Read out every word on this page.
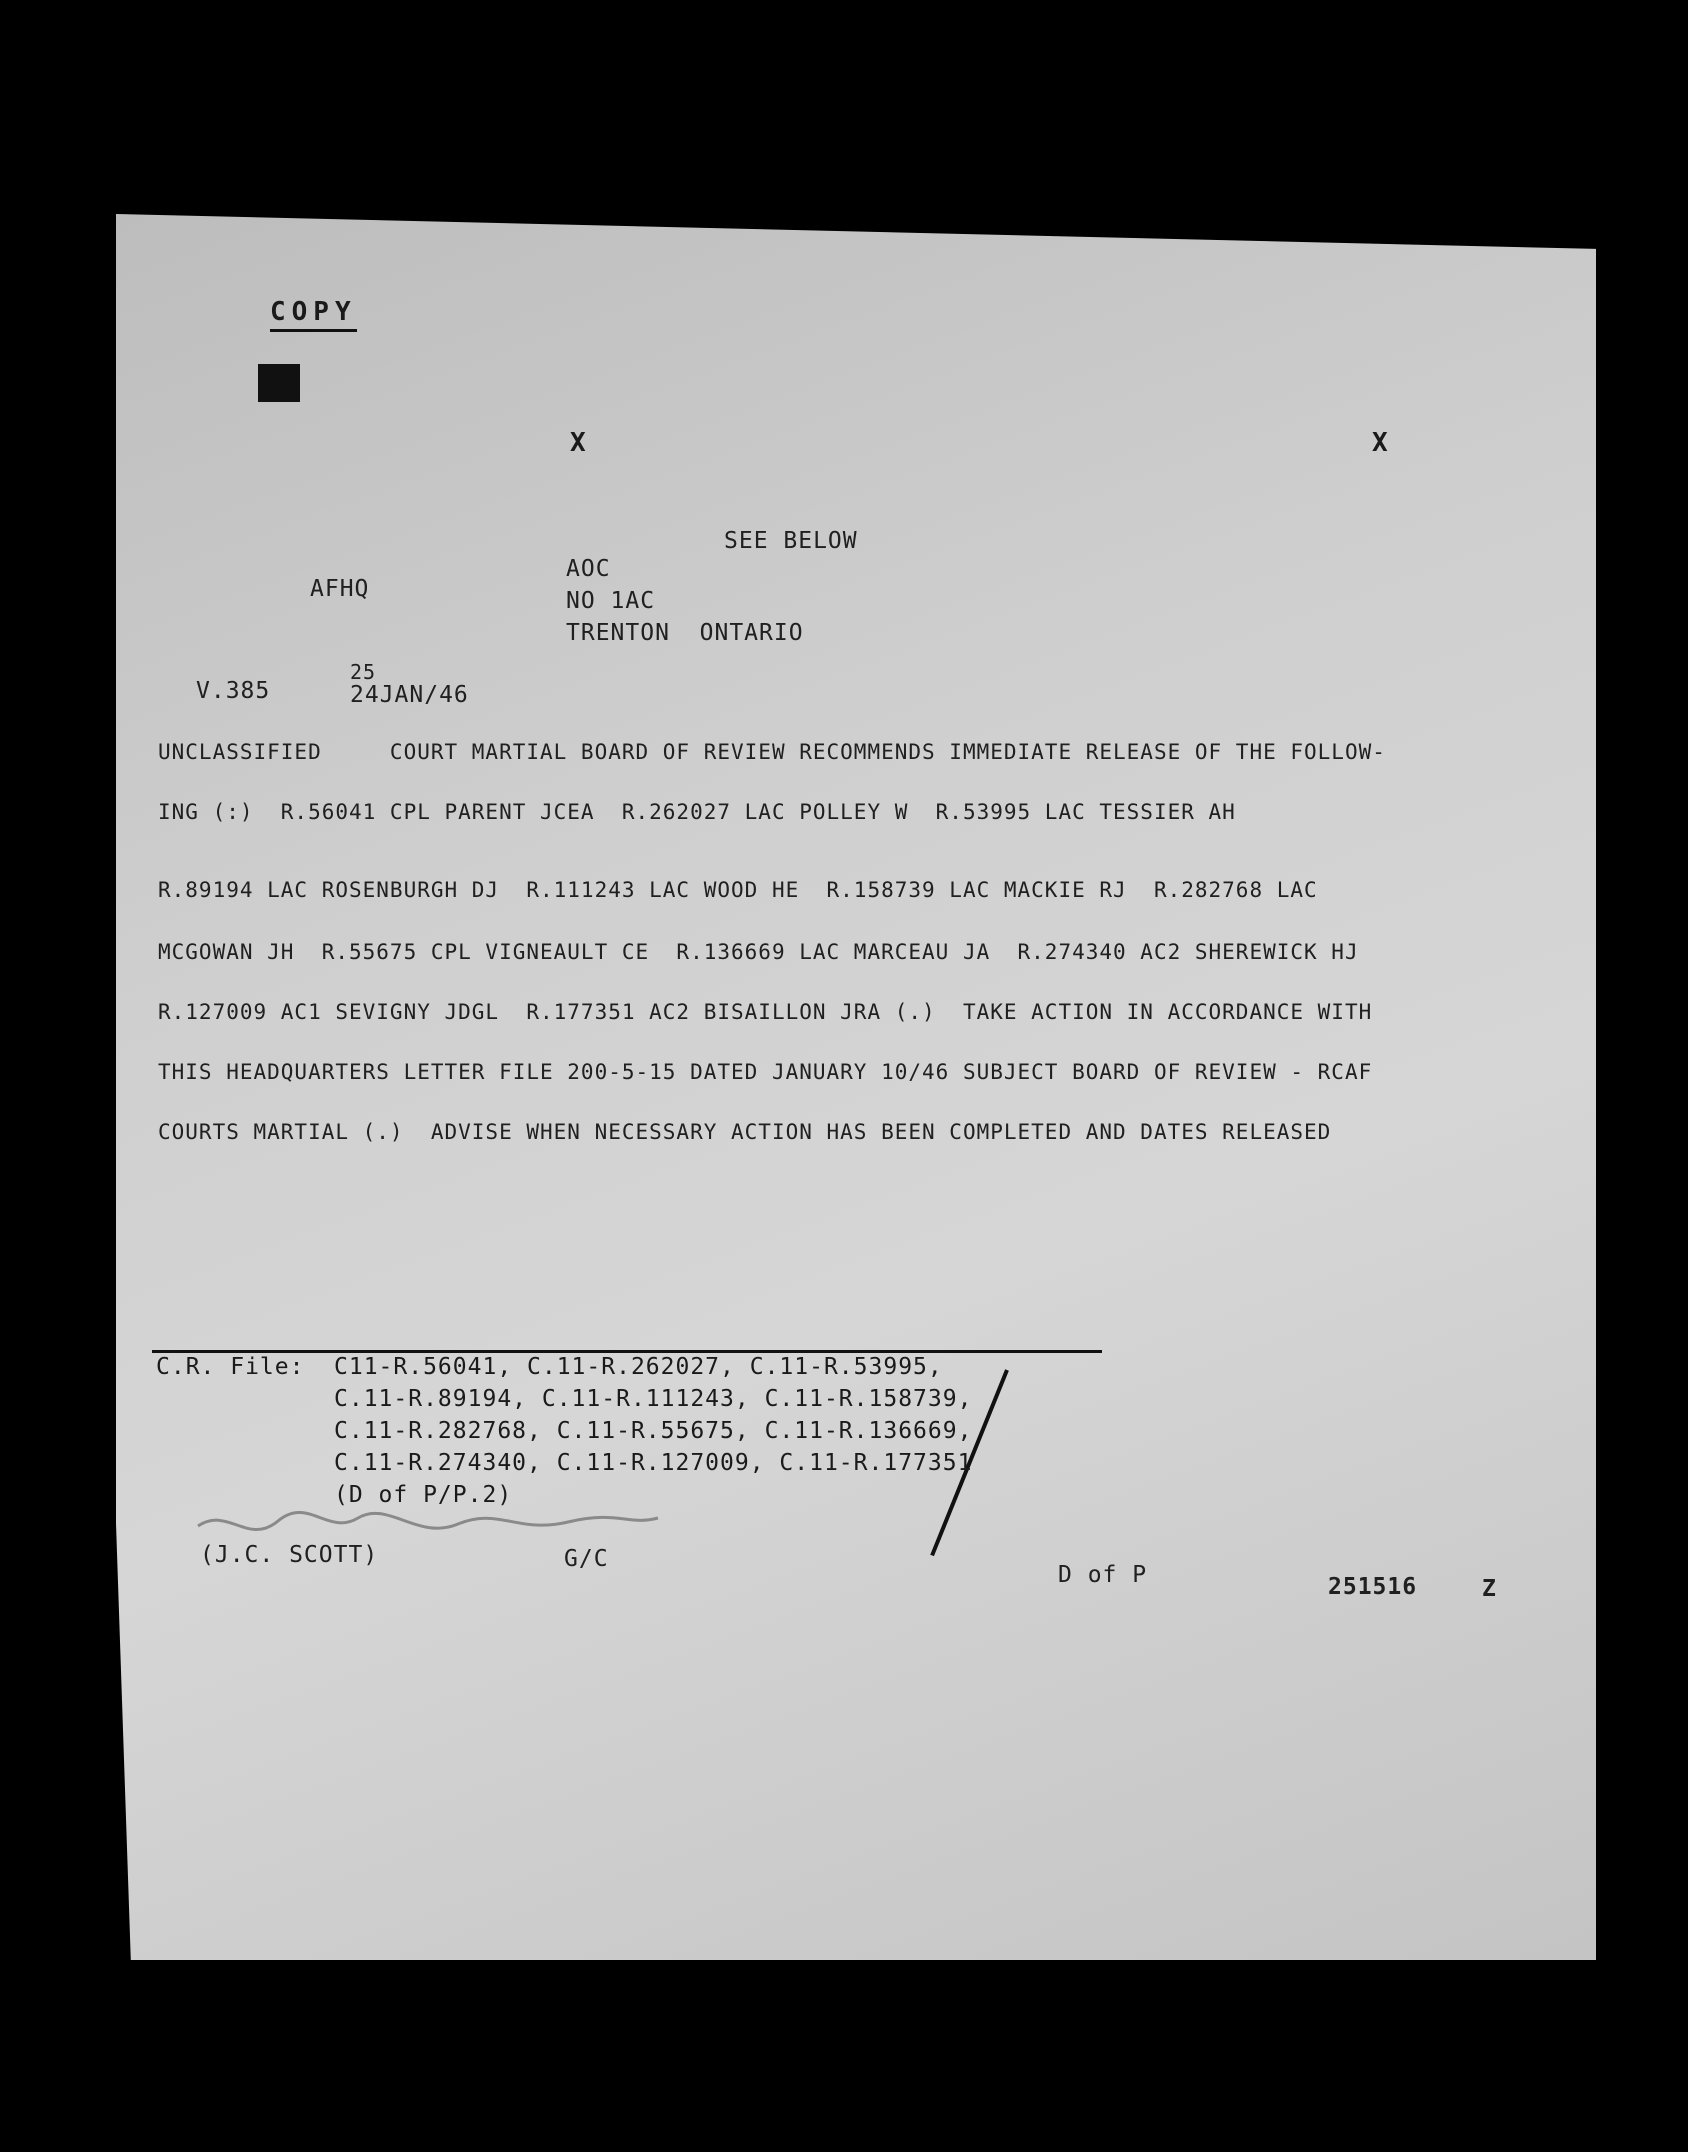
COPY
X	X
SEE BELOW
AFHQ
AOC
NO 1AC
TRENTON  ONTARIO
V.385
25
24JAN/46
UNCLASSIFIED     COURT MARTIAL BOARD OF REVIEW RECOMMENDS IMMEDIATE RELEASE OF THE FOLLOW-
ING (:)  R.56041 CPL PARENT JCEA  R.262027 LAC POLLEY W  R.53995 LAC TESSIER AH
R.89194 LAC ROSENBURGH DJ  R.111243 LAC WOOD HE  R.158739 LAC MACKIE RJ  R.282768 LAC
MCGOWAN JH  R.55675 CPL VIGNEAULT CE  R.136669 LAC MARCEAU JA  R.274340 AC2 SHEREWICK HJ
R.127009 AC1 SEVIGNY JDGL  R.177351 AC2 BISAILLON JRA (.)  TAKE ACTION IN ACCORDANCE WITH
THIS HEADQUARTERS LETTER FILE 200-5-15 DATED JANUARY 10/46 SUBJECT BOARD OF REVIEW - RCAF
COURTS MARTIAL (.)  ADVISE WHEN NECESSARY ACTION HAS BEEN COMPLETED AND DATES RELEASED
C.R. File: C11-R.56041, C.11-R.262027, C.11-R.53995,
C.11-R.89194, C.11-R.111243, C.11-R.158739,
C.11-R.282768, C.11-R.55675, C.11-R.136669,
C.11-R.274340, C.11-R.127009, C.11-R.177351
(D of P/P.2)
(J.C. SCOTT)	G/C
D of P	251516	Z
